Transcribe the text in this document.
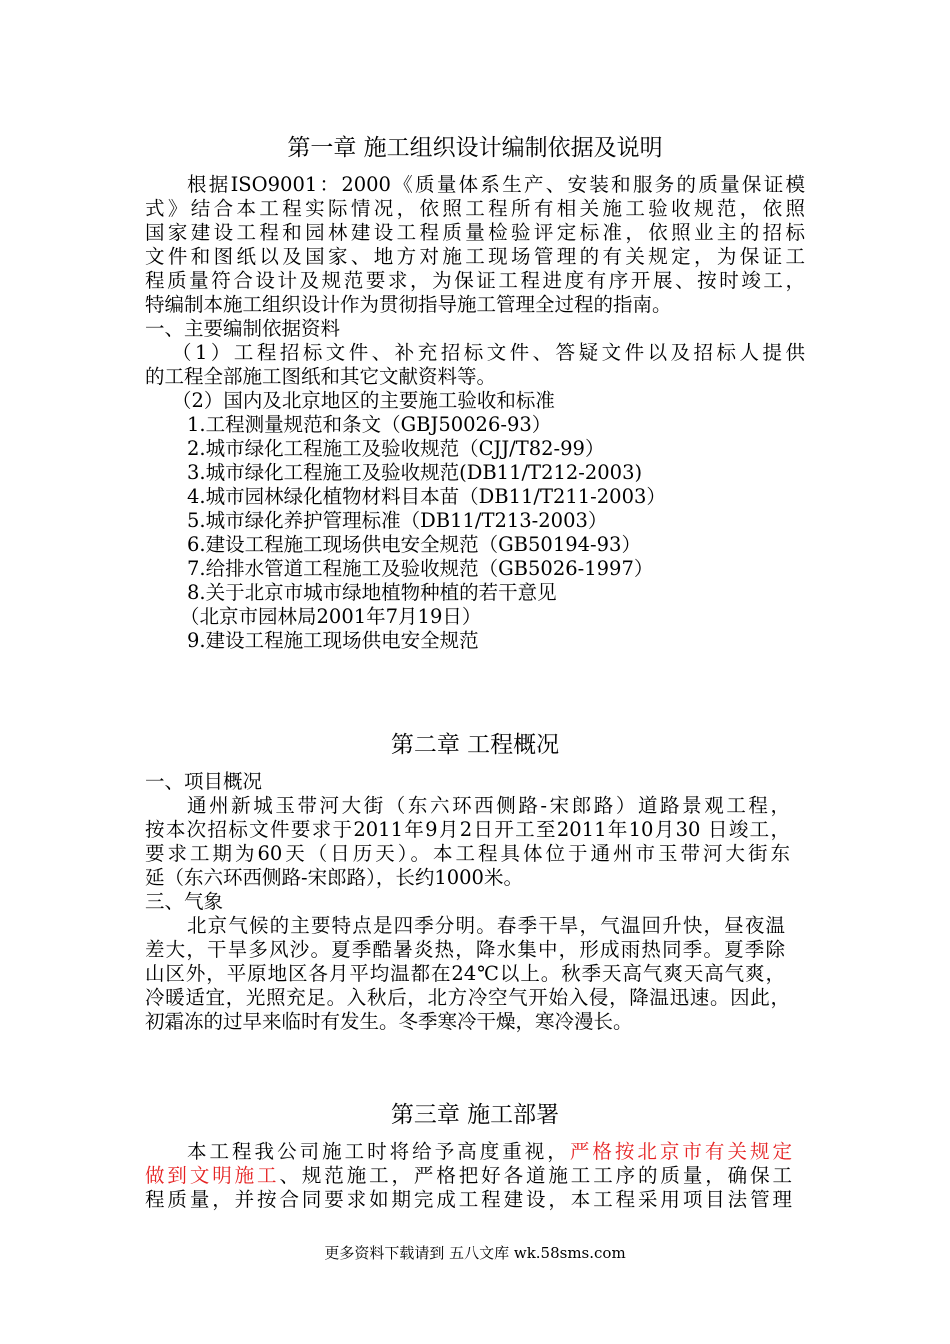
第一章 施工组织设计编制依据及说明
根据ISO9001：2000《质量体系生产、安装和服务的质量保证模
式》结合本工程实际情况，依照工程所有相关施工验收规范，依照
国家建设工程和园林建设工程质量检验评定标准，依照业主的招标
文件和图纸以及国家、地方对施工现场管理的有关规定，为保证工
程质量符合设计及规范要求，为保证工程进度有序开展、按时竣工，
特编制本施工组织设计作为贯彻指导施工管理全过程的指南。
一、主要编制依据资料
（1）工程招标文件、补充招标文件、答疑文件以及招标人提供
的工程全部施工图纸和其它文献资料等。
（2）国内及北京地区的主要施工验收和标准
1.工程测量规范和条文（GBJ50026-93）
2.城市绿化工程施工及验收规范（CJJ/T82-99）
3.城市绿化工程施工及验收规范(DB11/T212-2003)
4.城市园林绿化植物材料目本苗（DB11/T211-2003）
5.城市绿化养护管理标准（DB11/T213-2003）
6.建设工程施工现场供电安全规范（GB50194-93）
7.给排水管道工程施工及验收规范（GB5026-1997）
8.关于北京市城市绿地植物种植的若干意见
（北京市园林局2001年7月19日）
9.建设工程施工现场供电安全规范
第二章 工程概况
一、项目概况
通州新城玉带河大街（东六环西侧路-宋郎路）道路景观工程，
按本次招标文件要求于2011年9月2日开工至2011年10月30 日竣工，
要求工期为60天（日历天）。本工程具体位于通州市玉带河大街东
延（东六环西侧路-宋郎路），长约1000米。
三、气象
北京气候的主要特点是四季分明。春季干旱，气温回升快，昼夜温
差大，干旱多风沙。夏季酷暑炎热，降水集中，形成雨热同季。夏季除
山区外，平原地区各月平均温都在24℃以上。秋季天高气爽天高气爽，
冷暖适宜，光照充足。入秋后，北方冷空气开始入侵，降温迅速。因此，
初霜冻的过早来临时有发生。冬季寒冷干燥，寒冷漫长。
第三章 施工部署
本工程我公司施工时将给予高度重视，严格按北京市有关规定
做到文明施工、规范施工，严格把好各道施工工序的质量，确保工
程质量，并按合同要求如期完成工程建设，本工程采用项目法管理
更多资料下载请到 五八文库 wk.58sms.com
